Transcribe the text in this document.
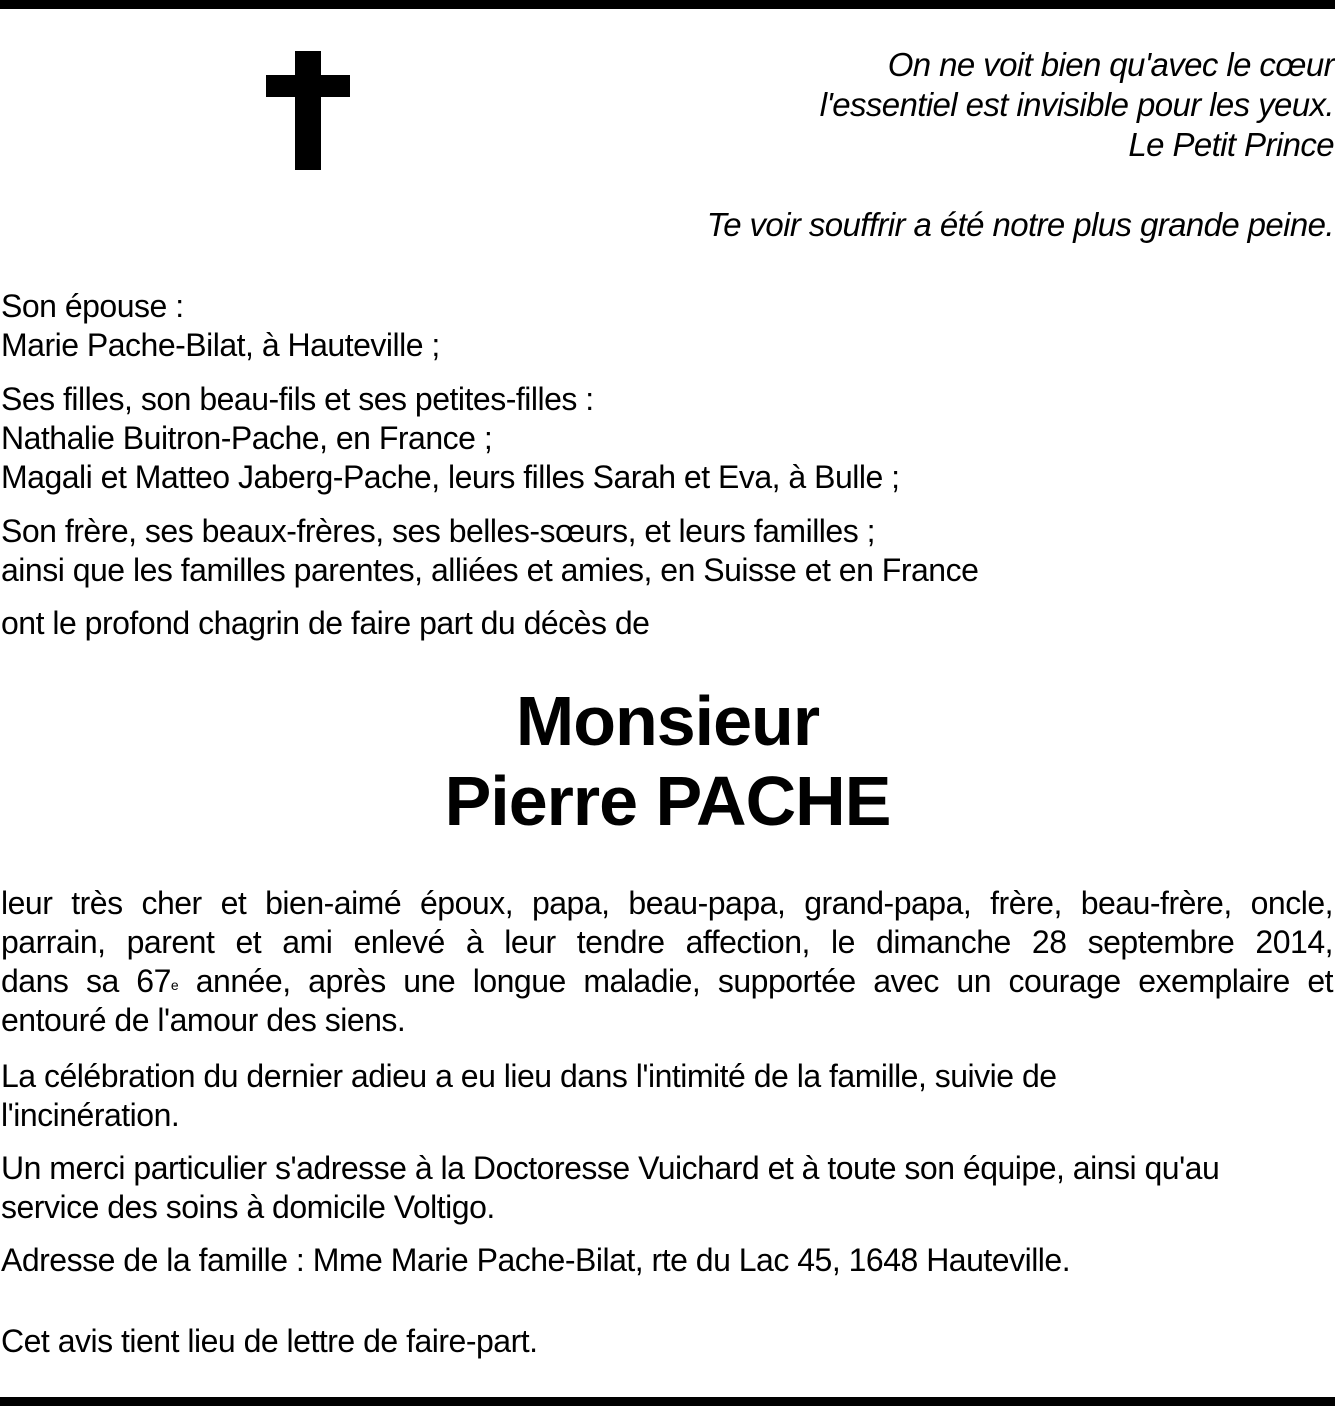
On ne voit bien qu'avec le cœur
l'essentiel est invisible pour les yeux.
Le Petit Prince
Te voir souffrir a été notre plus grande peine.
Son épouse :
Marie Pache-Bilat, à Hauteville ;
Ses filles, son beau-fils et ses petites-filles :
Nathalie Buitron-Pache, en France ;
Magali et Matteo Jaberg-Pache, leurs filles Sarah et Eva, à Bulle ;
Son frère, ses beaux-frères, ses belles-sœurs, et leurs familles ;
ainsi que les familles parentes, alliées et amies, en Suisse et en France
ont le profond chagrin de faire part du décès de
Monsieur
Pierre PACHE
leur très cher et bien-aimé époux, papa, beau-papa, grand-papa, frère, beau-frère, oncle,
parrain, parent et ami enlevé à leur tendre affection, le dimanche 28 septembre 2014,
dans sa 67e année, après une longue maladie, supportée avec un courage exemplaire et
entouré de l'amour des siens.
La célébration du dernier adieu a eu lieu dans l'intimité de la famille, suivie de
l'incinération.
Un merci particulier s'adresse à la Doctoresse Vuichard et à toute son équipe, ainsi qu'au
service des soins à domicile Voltigo.
Adresse de la famille : Mme Marie Pache-Bilat, rte du Lac 45, 1648 Hauteville.
Cet avis tient lieu de lettre de faire-part.
